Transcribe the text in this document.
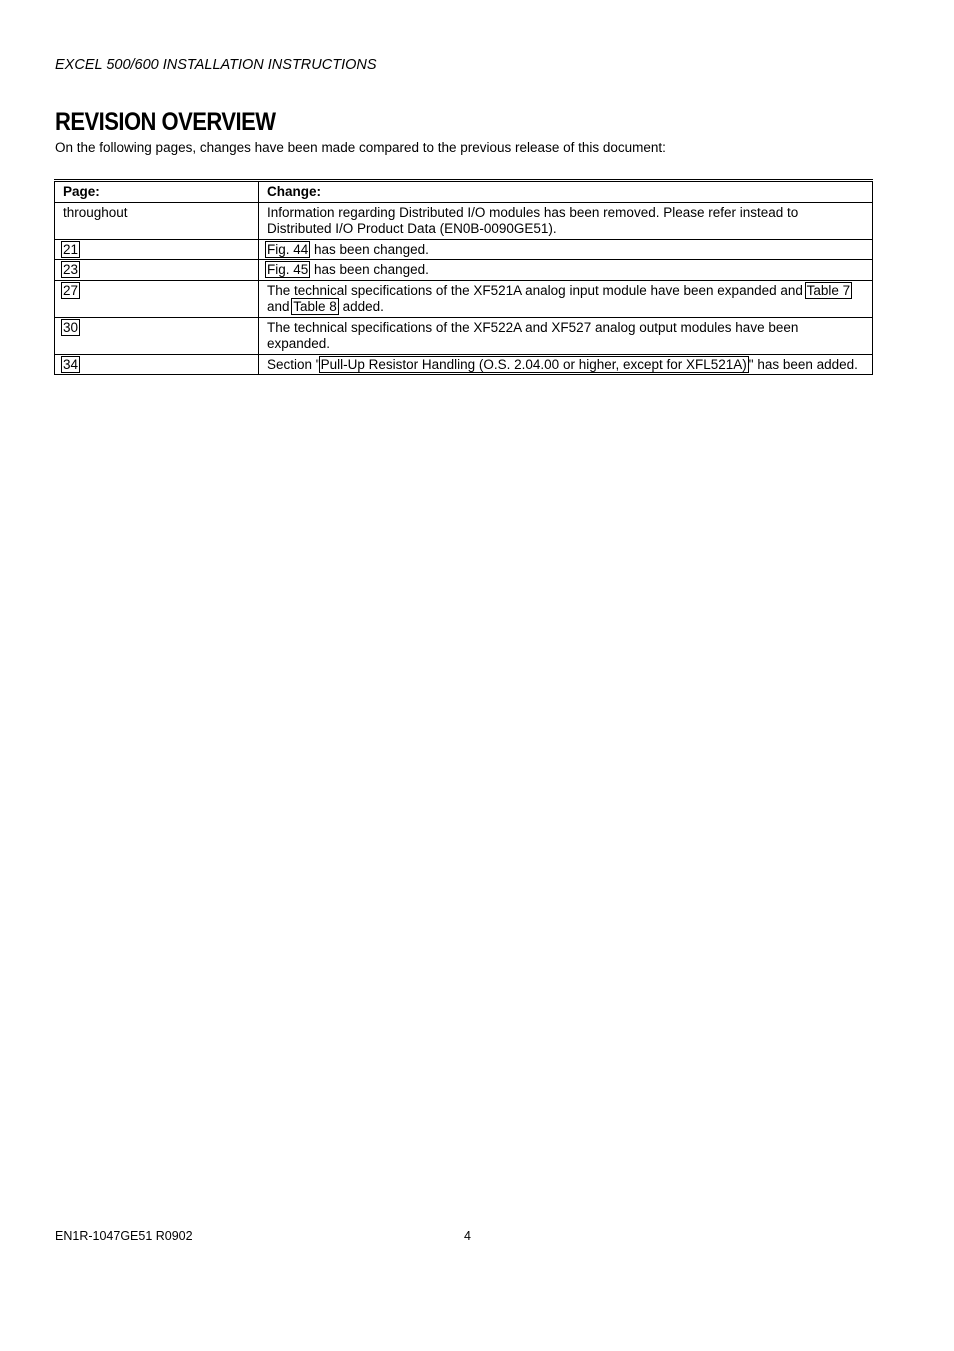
EXCEL 500/600 INSTALLATION INSTRUCTIONS
REVISION OVERVIEW
On the following pages, changes have been made compared to the previous release of this document:
Page:	Change:
throughout	Information regarding Distributed I/O modules has been removed. Please refer instead to Distributed I/O Product Data (EN0B-0090GE51).
21	Fig. 44 has been changed.
23	Fig. 45 has been changed.
27	The technical specifications of the XF521A analog input module have been expanded and Table 7 and Table 8 added.
30	The technical specifications of the XF522A and XF527 analog output modules have been expanded.
34	Section "Pull-Up Resistor Handling (O.S. 2.04.00 or higher, except for XFL521A) " has been added.
EN1R-1047GE51 R0902	4
